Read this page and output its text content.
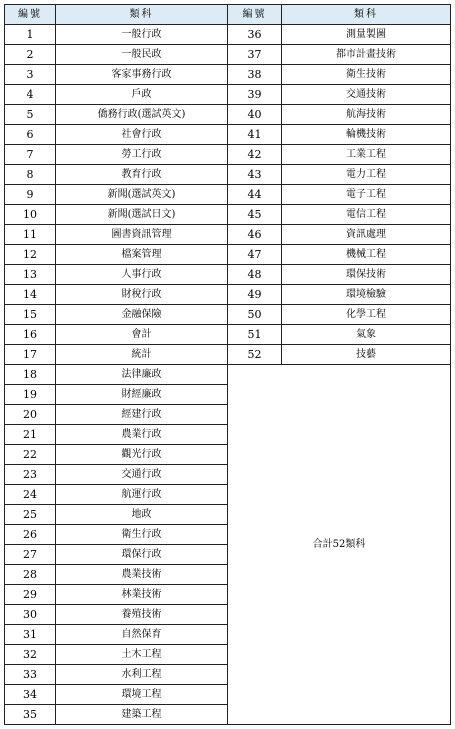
編號	類科	編號	類科
1	一般行政	36	測量製圖
2	一般民政	37	都市計畫技術
3	客家事務行政	38	衛生技術
4	戶政	39	交通技術
5	僑務行政(選試英文)	40	航海技術
6	社會行政	41	輪機技術
7	勞工行政	42	工業工程
8	教育行政	43	電力工程
9	新聞(選試英文)	44	電子工程
10	新聞(選試日文)	45	電信工程
11	圖書資訊管理	46	資訊處理
12	檔案管理	47	機械工程
13	人事行政	48	環保技術
14	財稅行政	49	環境檢驗
15	金融保險	50	化學工程
16	會計	51	氣象
17	統計	52	技藝
18	法律廉政	合計52類科	
19	財經廉政		
20	經建行政		
21	農業行政		
22	觀光行政		
23	交通行政		
24	航運行政		
25	地政		
26	衛生行政		
27	環保行政		
28	農業技術		
29	林業技術		
30	養殖技術		
31	自然保育		
32	土木工程		
33	水利工程		
34	環境工程		
35	建築工程		
